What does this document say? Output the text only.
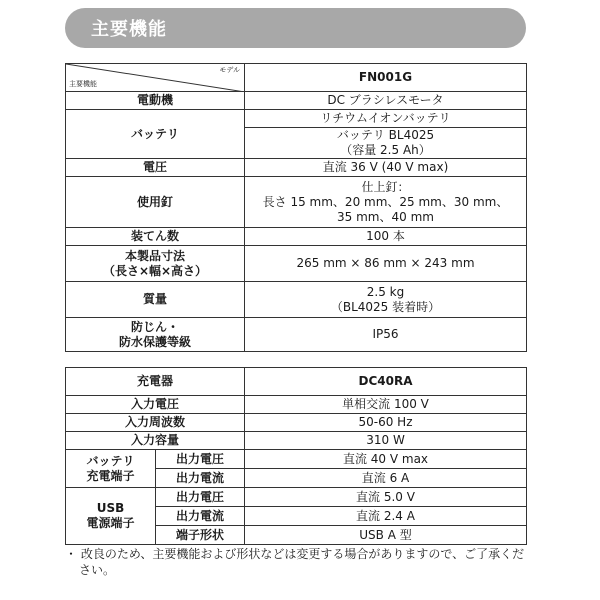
主要機能
モデル
主要機能	FN001G

電動機	DC ブラシレスモータ

バッテリ	リチウムイオンバッテリ
バッテリ BL4025
（容量 2.5 Ah）

電圧	直流 36 V (40 V max)

使用釘	仕上釘：
長さ 15 mm、20 mm、25 mm、30 mm、
35 mm、40 mm

装てん数	100 本

本製品寸法
（長さ×幅×高さ）	265 mm × 86 mm × 243 mm

質量	2.5 kg
（BL4025 装着時）

防じん・
防水保護等級	IP56
充電器		DC40RA
入力電圧		単相交流 100 V
入力周波数		50-60 Hz
入力容量		310 W

バッテリ
充電端子	出力電圧	直流 40 V max
	出力電流	直流 6 A

USB
電源端子	出力電圧	直流 5.0 V
	出力電流	直流 2.4 A
	端子形状	USB A 型
・ 改良のため、主要機能および形状などは変更する場合がありますので、ご了承ください。
